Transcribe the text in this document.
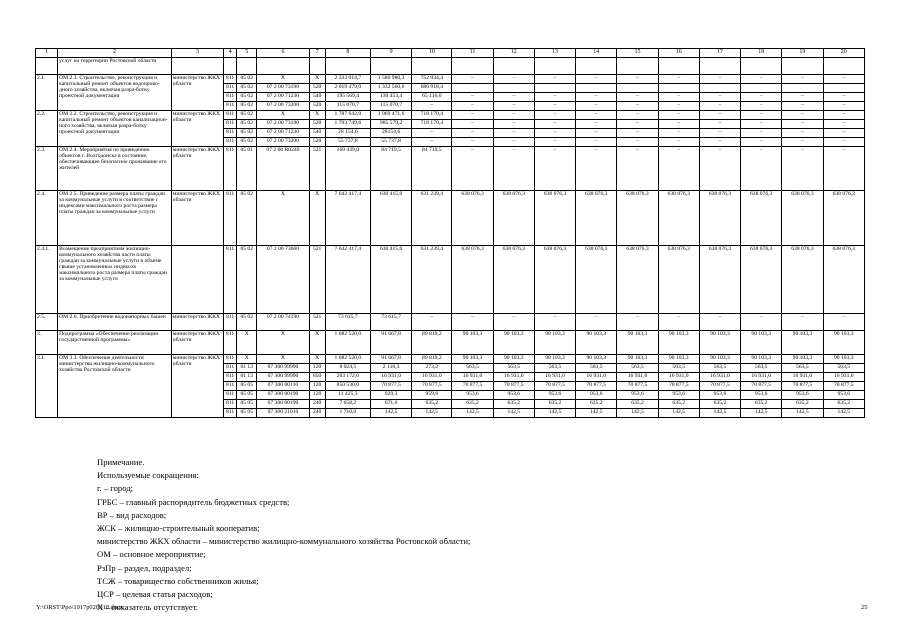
1	2	3	4	5	6	7	8	9	10	11	12	13	14	15	16	17	18	19	20
	услуг на территории Ростовской области																		
2.1.	ОМ 2.1. Строительство, реконструкция и капитальный ремонт объектов водопрово-дного хозяйства, включая разра-ботку проектной документации	министерство ЖКХ области	811	05 02	Х	Х	2 333 014,7	1 580 980,3	752 034,4	–	–	–	–	–	–	–	–	–	–
			811	05 02	07 2 00 73190	520	2 019 479,0	1 332 560,6	686 918,4										
			811	05 02	07 2 00 71230	540	195 569,4	130 453,4	65 116,0	–	–	–	–	–	–	–	–	–	–
			811	05 02	07 2 00 73200	520	115 070,7	115 070,7	–	–	–	–	–	–	–	–	–	–	–
2.2.	ОМ 2.2. Строительство, реконструкция и капитальный ремонт объектов канализацион-ного хозяйства, включая разра-ботку проектной документации	министерство ЖКХ области	811	05 02	Х	Х	1 787 642,0	1 069 471,6	718 170,4	–	–	–	–	–	–	–	–	–	–
			811	05 02	07 2 00 73190	520	1 703 749,6	985 579,2	718 170,4	–	–	–	–	–	–	–	–	–	–
			811	05 02	07 2 00 71230	540	28 154,6	28154,6	–	–	–	–	–	–	–	–	–	–	–
			811	05 02	07 2 00 73200	520	55 737,8	55 737,8	–	–	–	–	–	–	–	–	–	–	–
2.3.	ОМ 2.4. Мероприятия по приведению объектов г. Волгодонска в состояние, обеспечивающее безопасное проживание его жителей	министерство ЖКХ области	811	05 01	07 2 00 R0240	521	169 439,0	84 719,5	84 719,5	–	–	–	–	–	–	–	–	–	–
2.4.	ОМ 2.5. Приведение размера платы граждан за коммунальные услуги в соответствие с индексами максимального роста размера платы граждан за коммунальные услуги	министерство ЖКХ области	811	05 02	Х	Х	7 642 417,4	630 415,0	631 239,4	638 076,3	638 076,3	638 076,3	638 076,3	638 076,3	638 076,3	638 076,3	638 076,3	638 076,3	638 076,3
2.4.1.	Возмещение предприятиям жилищно-коммунального хозяйства части платы граждан за коммунальные услуги в объеме свыше установленных индексов максимального роста размера платы граждан за коммунальные услуги		811	05 02	07 2 00 73660	521	7 642 417,4	630 415,0	631 239,4	638 076,3	638 076,3	638 076,3	638 076,3	638 076,3	638 076,3	638 076,3	638 076,3	638 076,3	638 076,3
2.5.	ОМ 2.6. Приобретение водонапорных башен	министерство ЖКХ	811	05 02	07 2 00 74190	521	73 615,7	73 615,7	–	–	–	–	–	–	–	–	–	–	–
3.	Подпрограмма «Обеспечение реализации государственной программы»	министерство ЖКХ области	811	Х	Х	Х	1 082 520,0	91 667,8	89 819,2	90 103,3	90 103,3	90 103,3	90 103,3	90 103,3	90 103,3	90 103,3	90 103,3	90 103,3	90 103,3
3.1.	ОМ 3.1. Обеспечение деятельности министерства жилищно-коммунального хозяйства Ростовской области	министерство ЖКХ области	811	Х	Х	Х	1 082 520,0	91 667,8	89 819,2	90 103,3	90 103,3	90 103,3	90 103,3	90 103,3	90 103,3	90 103,3	90 103,3	90 103,3	90 103,3
			811	01 13	07 300 99990	120	8 024,5	2 116,3	273,2	563,5	563,5	563,5	563,5	563,5	563,5	563,5	563,5	563,5	563,5
			811	01 13	07 300 99990	850	203 172,0	16 931,0	16 931,0	16 931,0	16 931,0	16 931,0	16 931,0	16 931,0	16 931,0	16 931,0	16 931,0	16 931,0	16 931,0
			811	05 05	07 300 00110	120	850 530,0	70 877,5	70 877,5	70 877,5	70 877,5	70 877,5	70 877,5	70 877,5	70 877,5	70 877,5	70 877,5	70 877,5	70 877,5
			811	05 05	07 300 00190	120	11 425,3	929,3	959,8	953,6	953,6	953,6	953,6	953,6	953,6	953,6	953,6	953,6	953,6
			811	05 05	07 300 00190	240	7 658,2	671,0	635,2	635,2	635,2	635,2	635,2	635,2	635,2	635,2	635,2	635,2	635,2
			811	05 05	07 300 21010	240	1 710,0	142,5	142,5	142,5	142,5	142,5	142,5	142,5	142,5	142,5	142,5	142,5	142,5
Примечание.
Используемые сокращения:
г. – город;
ГРБС – главный распорядитель бюджетных средств;
ВР – вид расходов;
ЖСК – жилищно-строительный кооператив;
министерство ЖКХ области – министерство жилищно-коммунального хозяйства Ростовской области;
ОМ – основное мероприятие;
РзПр – раздел, подраздел;
ТСЖ – товарищество собственников жилья;
ЦСР – целевая статья расходов;
Х – показатель отсутствует.
Y:\ORST\Ppo\1017p020.f18.docx	25
